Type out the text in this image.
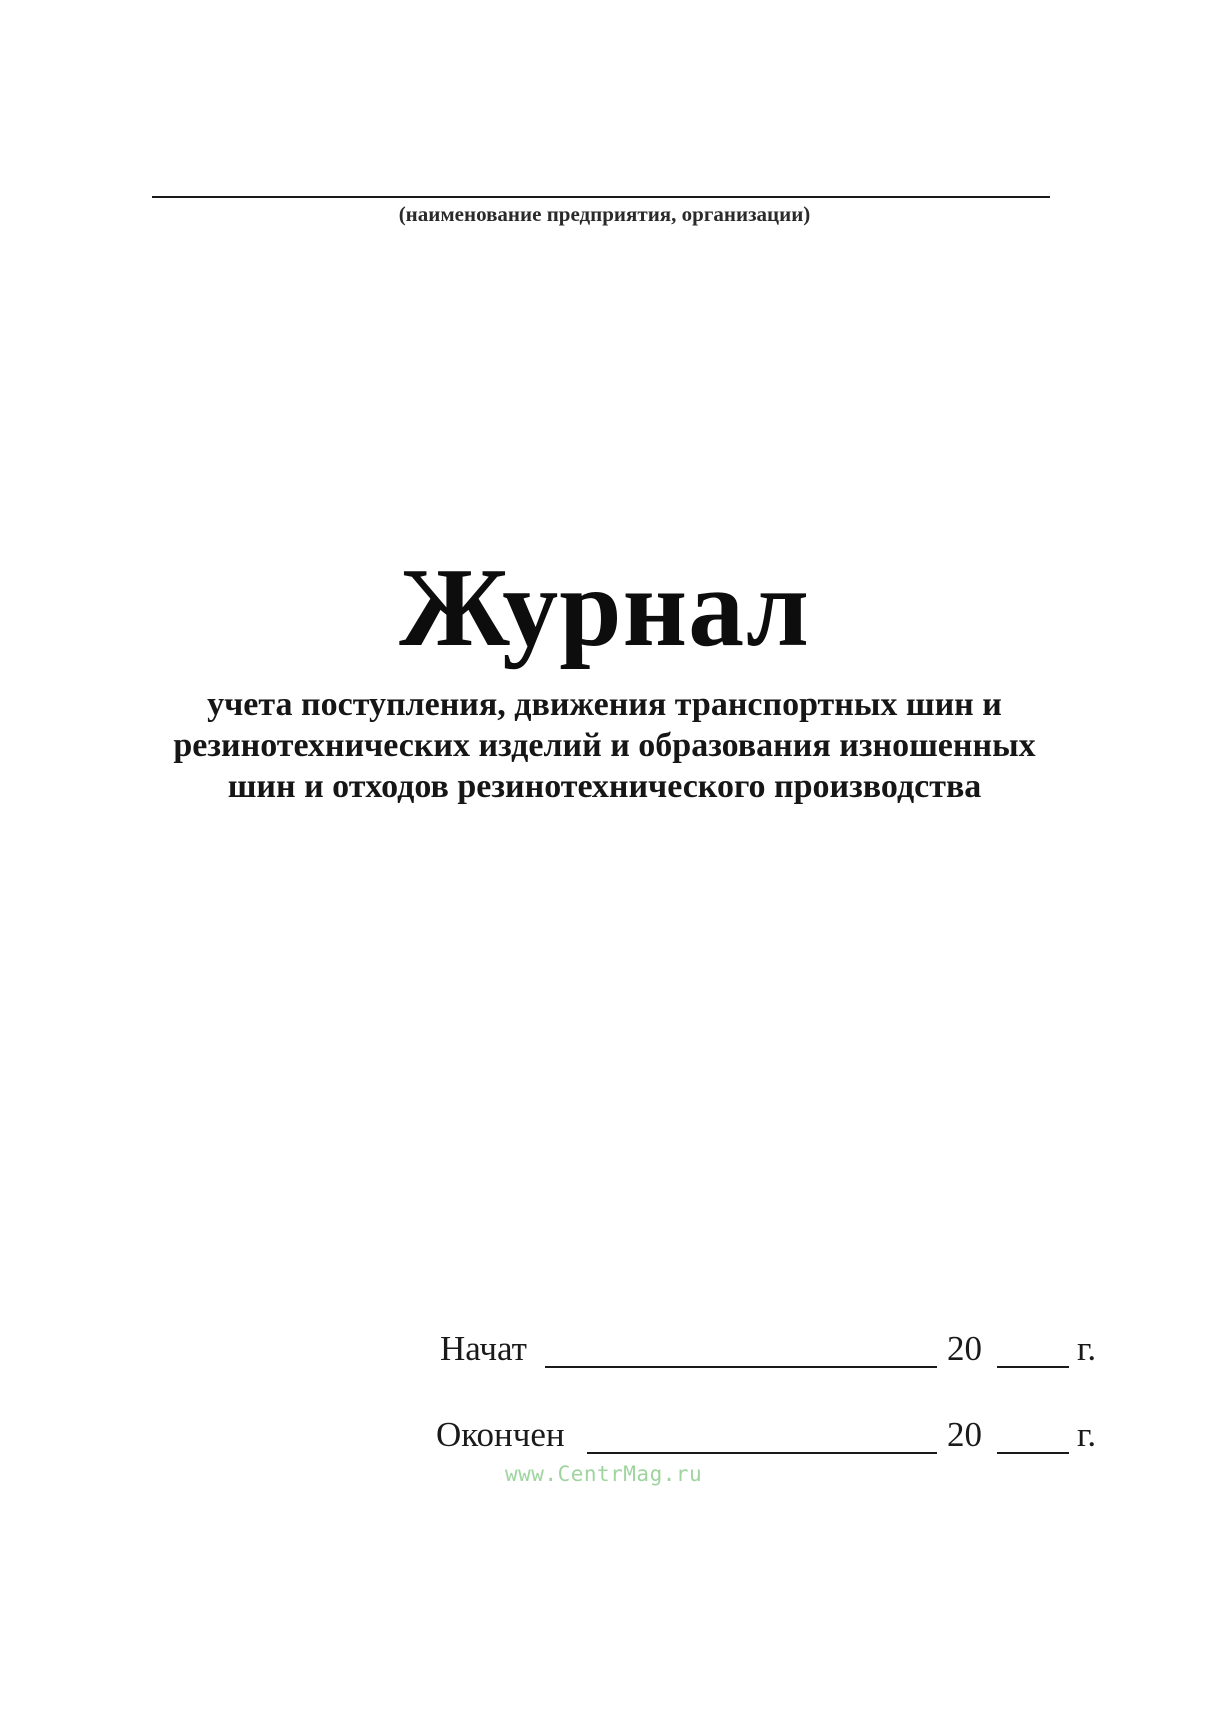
(наименование предприятия, организации)
Журнал
учета поступления, движения транспортных шин и
резинотехнических изделий и образования изношенных
шин и отходов резинотехнического производства
Начат	20	г.
Окончен	20	г.
www.CentrMag.ru
